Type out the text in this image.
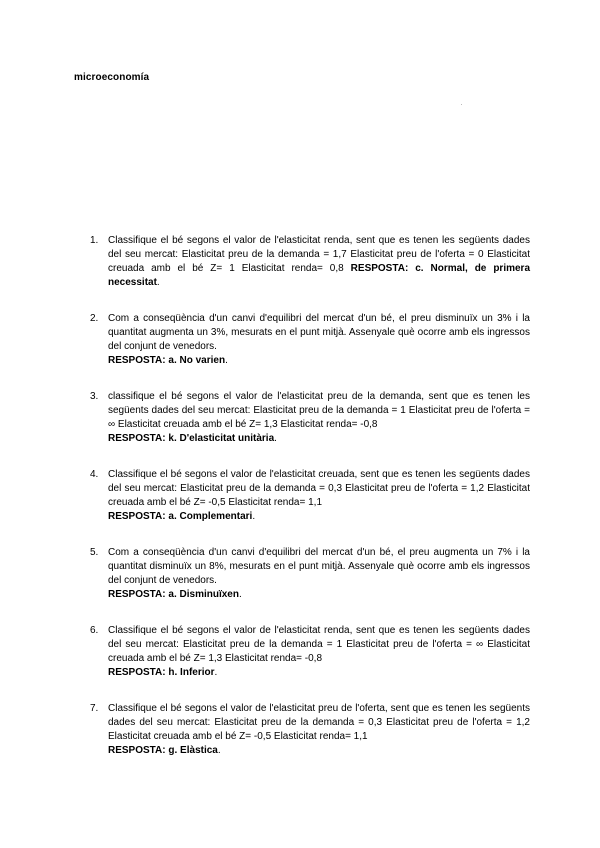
microeconomía
1. Classifique el bé segons el valor de l'elasticitat renda, sent que es tenen les següents dades del seu mercat: Elasticitat preu de la demanda = 1,7 Elasticitat preu de l'oferta = 0 Elasticitat creuada amb el bé Z= 1 Elasticitat renda= 0,8 RESPOSTA: c. Normal, de primera necessitat.
2. Com a conseqüència d'un canvi d'equilibri del mercat d'un bé, el preu disminuïx un 3% i la quantitat augmenta un 3%, mesurats en el punt mitjà. Assenyale què ocorre amb els ingressos del conjunt de venedors.
RESPOSTA: a. No varien.
3. classifique el bé segons el valor de l'elasticitat preu de la demanda, sent que es tenen les següents dades del seu mercat: Elasticitat preu de la demanda = 1 Elasticitat preu de l'oferta = ∞ Elasticitat creuada amb el bé Z= 1,3 Elasticitat renda= -0,8
RESPOSTA: k. D'elasticitat unitària.
4. Classifique el bé segons el valor de l'elasticitat creuada, sent que es tenen les següents dades del seu mercat: Elasticitat preu de la demanda = 0,3 Elasticitat preu de l'oferta = 1,2 Elasticitat creuada amb el bé Z= -0,5 Elasticitat renda= 1,1
RESPOSTA: a. Complementari.
5. Com a conseqüència d'un canvi d'equilibri del mercat d'un bé, el preu augmenta un 7% i la quantitat disminuïx un 8%, mesurats en el punt mitjà. Assenyale què ocorre amb els ingressos del conjunt de venedors.
RESPOSTA: a. Disminuïxen.
6. Classifique el bé segons el valor de l'elasticitat renda, sent que es tenen les següents dades del seu mercat: Elasticitat preu de la demanda = 1 Elasticitat preu de l'oferta = ∞ Elasticitat creuada amb el bé Z= 1,3 Elasticitat renda= -0,8
RESPOSTA: h. Inferior.
7. Classifique el bé segons el valor de l'elasticitat preu de l'oferta, sent que es tenen les següents dades del seu mercat: Elasticitat preu de la demanda = 0,3 Elasticitat preu de l'oferta = 1,2 Elasticitat creuada amb el bé Z= -0,5 Elasticitat renda= 1,1
RESPOSTA: g. Elàstica.
